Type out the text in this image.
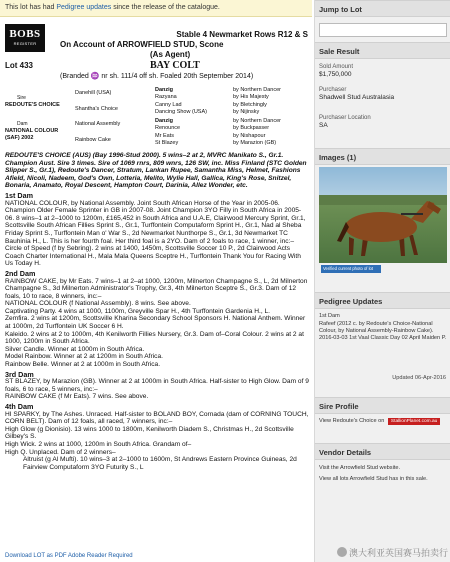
This lot has had Pedigree updates since the release of the catalogue.
BOBS
REGISTER
Stable 4 Newmarket Rows R12 & S
On Account of ARROWFIELD STUD, Scone
(As Agent)
Lot 433	BAY COLT
(Branded ♒ nr sh. 111/4 off sh. Foaled 20th September 2014)
Sire
REDOUTE'S CHOICE
Dam
NATIONAL COLOUR
(SAF) 2002
Danehill (USA)
Shantha's Choice
National Assembly
Rainbow Cake
Danzig
Razyana
Canny Lad
Dancing Show (USA)
Danzig
Renounce
Mr Eats
St Blazey
by Northern Dancer
by His Majesty
by Bletchingly
by Nijinsky
by Northern Dancer
by Buckpasser
by Nishapour
by Marazion (GB)

REDOUTE'S CHOICE (AUS) (Bay 1996-Stud 2000). 5 wins–2 at 2, MVRC Manikato S., Gr.1. Champion Aust. Sire 3 times. Sire of 1069 rnrs, 809 wnrs, 126 SW, inc. Miss Finland (STC Golden Slipper S., Gr.1), Redoute's Dancer, Stratum, Lankan Rupee, Samantha Miss, Helmet, Fashions Afield, Nicoli, Nadeem, God's Own, Lotteria, Melito, Wylie Hall, Gallica, King's Rose, Snitzel, Bonaria, Anamato, Royal Descent, Hampton Court, Darinia, Allez Wonder, etc.

1st Dam

NATIONAL COLOUR, by National Assembly. Joint South African Horse of the Year in 2005-06. Champion Older Female Sprinter in GB in 2007-08. Joint Champion 3YO Filly in South Africa in 2005-06. 8 wins–1 at 2–1000 to 1200m, £165,452 in South Africa and U.A.E, Clairwood Mercury Sprint, Gr.1, Scottsville South African Fillies Sprint S., Gr.1, Turffontein Computaform Sprint H., Gr.1, Nad al Sheba Friday Sprint S., Turffontein Man o' War S., 2d Newmarket Nunthorpe S., Gr.1, 3d Newmarket TC Bauhinia H., L. This is her fourth foal. Her third foal is a 2YO. Dam of 2 foals to race, 1 winner, inc:–

Circle of Speed (f by Sebring). 2 wins at 1400, 1450m, Scottsville Soccer 10 P., 2d Clairwood Acts Coach Charter International H., Mala Mala Queens Sceptre H., Turffontein Thank You for Racing With Us Today H.

2nd Dam

RAINBOW CAKE, by Mr Eats. 7 wins–1 at 2–at 1000, 1200m, Milnerton Champagne S., L, 2d Milnerton Champagne S., 3d Milnerton Administrator's Trophy, Gr.3, 4th Milnerton Sceptre S., Gr.3. Dam of 12 foals, 10 to race, 8 winners, inc:–

NATIONAL COLOUR (f National Assembly). 8 wins. See above.

Captivating Party. 4 wins at 1000, 1100m, Greyville Spar H., 4th Turffontein Gardenia H., L.

Zemfira. 2 wins at 1200m, Scottsville Kharina Secondary School Sponsors H. National Anthem. Winner at 1000m, 2d Turffontein UK Soccer 6 H.

Kaleido. 2 wins at 2 to 1000m, 4th Kenilworth Fillies Nursery, Gr.3. Dam of–Coral Colour. 2 wins at 2 at 1000, 1200m in South Africa.

Silver Candle. Winner at 1000m in South Africa.

Model Rainbow. Winner at 2 at 1200m in South Africa.

Rainbow Belle. Winner at 2 at 1000m in South Africa.

3rd Dam

ST BLAZEY, by Marazion (GB). Winner at 2 at 1000m in South Africa. Half-sister to High Glow. Dam of 9 foals, 6 to race, 5 winners, inc:–

RAINBOW CAKE (f Mr Eats). 7 wins. See above.

4th Dam

HI SPARKY, by The Ashes. Unraced. Half-sister to BOLAND BOY, Cornada (dam of CORNING TOUCH, CORN BELT). Dam of 12 foals, all raced, 7 winners, inc:–

High Glow (g Dionisio). 13 wins 1000 to 1800m, Kenilworth Diadem S., Christmas H., 2d Scottsville Gilbey's S.

High Wick. 2 wins at 1000, 1200m in South Africa. Grandam of–

High Q. Unplaced. Dam of 2 winners–

Altruist (g Al Mufti). 10 wins–3 at 2–1000 to 1600m, St Andrews Eastern Province Guineas, 2d Fairview Computaform 3YO Futurity S., L

Download LOT as PDF Adobe Reader Required
Jump to Lot
Sale Result
Sold Amount
$1,750,000
Purchaser
Shadwell Stud Australasia
Purchaser Location
SA
Images (1)
Verified current photo of lot
Pedigree Updates
1st Dam
Rafeef (2012 c. by Redoute's Choice-National Colour, by National Assembly-Rainbow Cake). 2016-03-03 1st Vaal Classic Day 02 April Maiden P.
Updated 06-Apr-2016
Sire Profile
View Redoute's Choice on StallionPlanet.com.au
Vendor Details
Visit the Arrowfield Stud website.
View all lots Arrowfield Stud has in this sale.
澳大利亚英国赛马拍卖行
